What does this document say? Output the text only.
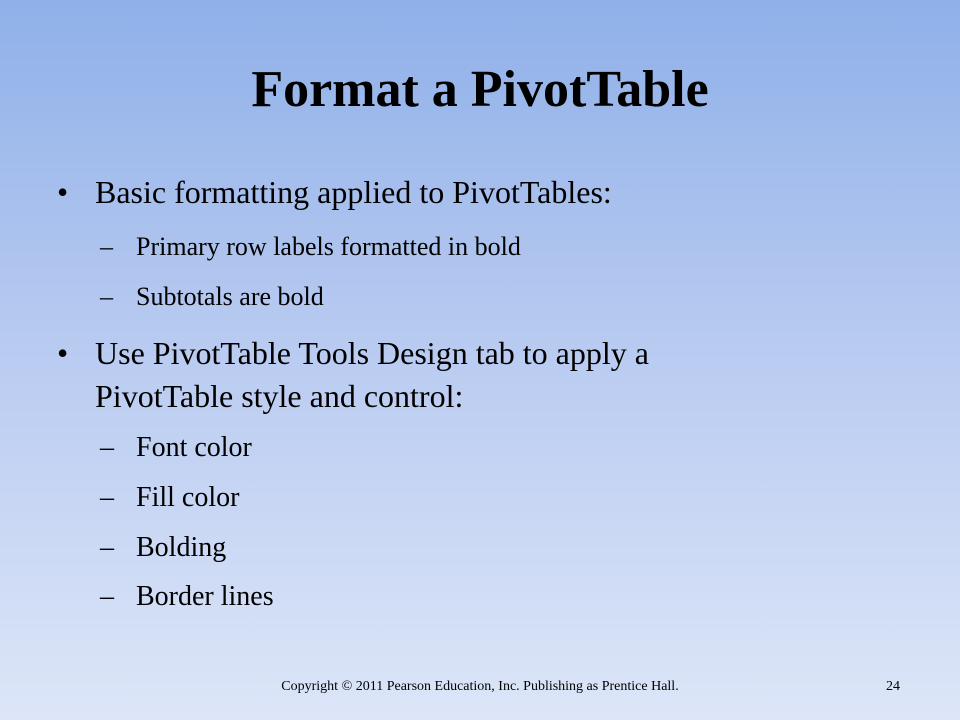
Format a PivotTable
• Basic formatting applied to PivotTables:
– Primary row labels formatted in bold
– Subtotals are bold
• Use PivotTable Tools Design tab to apply a
PivotTable style and control:
– Font color
– Fill color
– Bolding
– Border lines
Copyright © 2011 Pearson Education, Inc. Publishing as Prentice Hall.	24
